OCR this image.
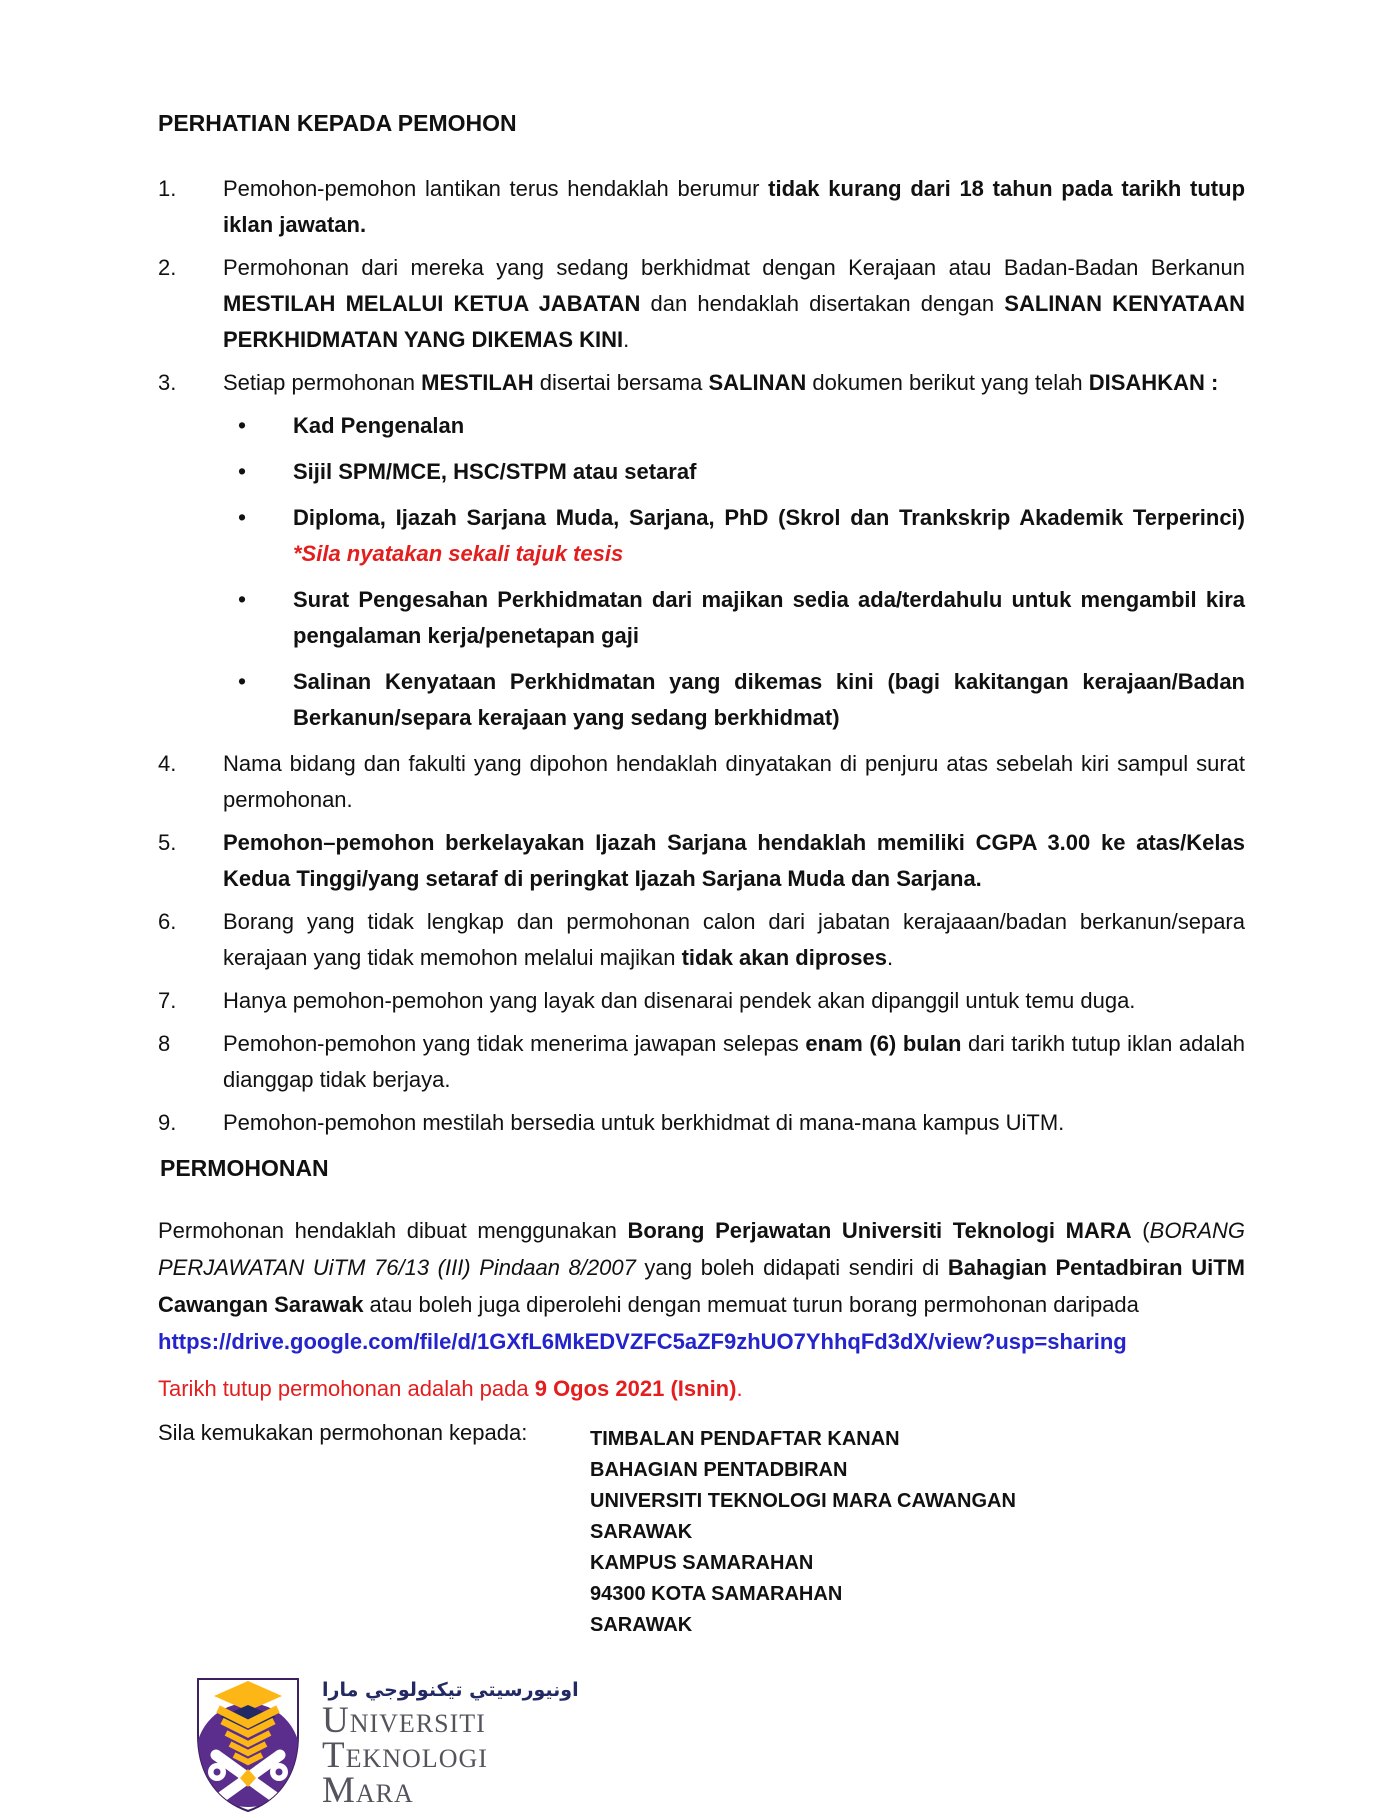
PERHATIAN KEPADA PEMOHON
1. Pemohon-pemohon lantikan terus hendaklah berumur tidak kurang dari 18 tahun pada tarikh tutup iklan jawatan.
2. Permohonan dari mereka yang sedang berkhidmat dengan Kerajaan atau Badan-Badan Berkanun MESTILAH MELALUI KETUA JABATAN dan hendaklah disertakan dengan SALINAN KENYATAAN PERKHIDMATAN YANG DIKEMAS KINI.
3. Setiap permohonan MESTILAH disertai bersama SALINAN dokumen berikut yang telah DISAHKAN :
• Kad Pengenalan
• Sijil SPM/MCE, HSC/STPM atau setaraf
• Diploma, Ijazah Sarjana Muda, Sarjana, PhD (Skrol dan Trankskrip Akademik Terperinci) *Sila nyatakan sekali tajuk tesis
• Surat Pengesahan Perkhidmatan dari majikan sedia ada/terdahulu untuk mengambil kira pengalaman kerja/penetapan gaji
• Salinan Kenyataan Perkhidmatan yang dikemas kini (bagi kakitangan kerajaan/Badan Berkanun/separa kerajaan yang sedang berkhidmat)
4. Nama bidang dan fakulti yang dipohon hendaklah dinyatakan di penjuru atas sebelah kiri sampul surat permohonan.
5. Pemohon–pemohon berkelayakan Ijazah Sarjana hendaklah memiliki CGPA 3.00 ke atas/Kelas Kedua Tinggi/yang setaraf di peringkat Ijazah Sarjana Muda dan Sarjana.
6. Borang yang tidak lengkap dan permohonan calon dari jabatan kerajaaan/badan berkanun/separa kerajaan yang tidak memohon melalui majikan tidak akan diproses.
7. Hanya pemohon-pemohon yang layak dan disenarai pendek akan dipanggil untuk temu duga.
8 Pemohon-pemohon yang tidak menerima jawapan selepas enam (6) bulan dari tarikh tutup iklan adalah dianggap tidak berjaya.
9. Pemohon-pemohon mestilah bersedia untuk berkhidmat di mana-mana kampus UiTM.
PERMOHONAN
Permohonan hendaklah dibuat menggunakan Borang Perjawatan Universiti Teknologi MARA (BORANG PERJAWATAN UiTM 76/13 (III) Pindaan 8/2007 yang boleh didapati sendiri di Bahagian Pentadbiran UiTM Cawangan Sarawak atau boleh juga diperolehi dengan memuat turun borang permohonan daripada
https://drive.google.com/file/d/1GXfL6MkEDVZFC5aZF9zhUO7YhhqFd3dX/view?usp=sharing
Tarikh tutup permohonan adalah pada 9 Ogos 2021 (Isnin).
Sila kemukakan permohonan kepada:	TIMBALAN PENDAFTAR KANAN
BAHAGIAN PENTADBIRAN
UNIVERSITI TEKNOLOGI MARA CAWANGAN
SARAWAK
KAMPUS SAMARAHAN
94300 KOTA SAMARAHAN
SARAWAK
اونيورسيتي تيكنولوجي مارا
Universiti
Teknologi
Mara
